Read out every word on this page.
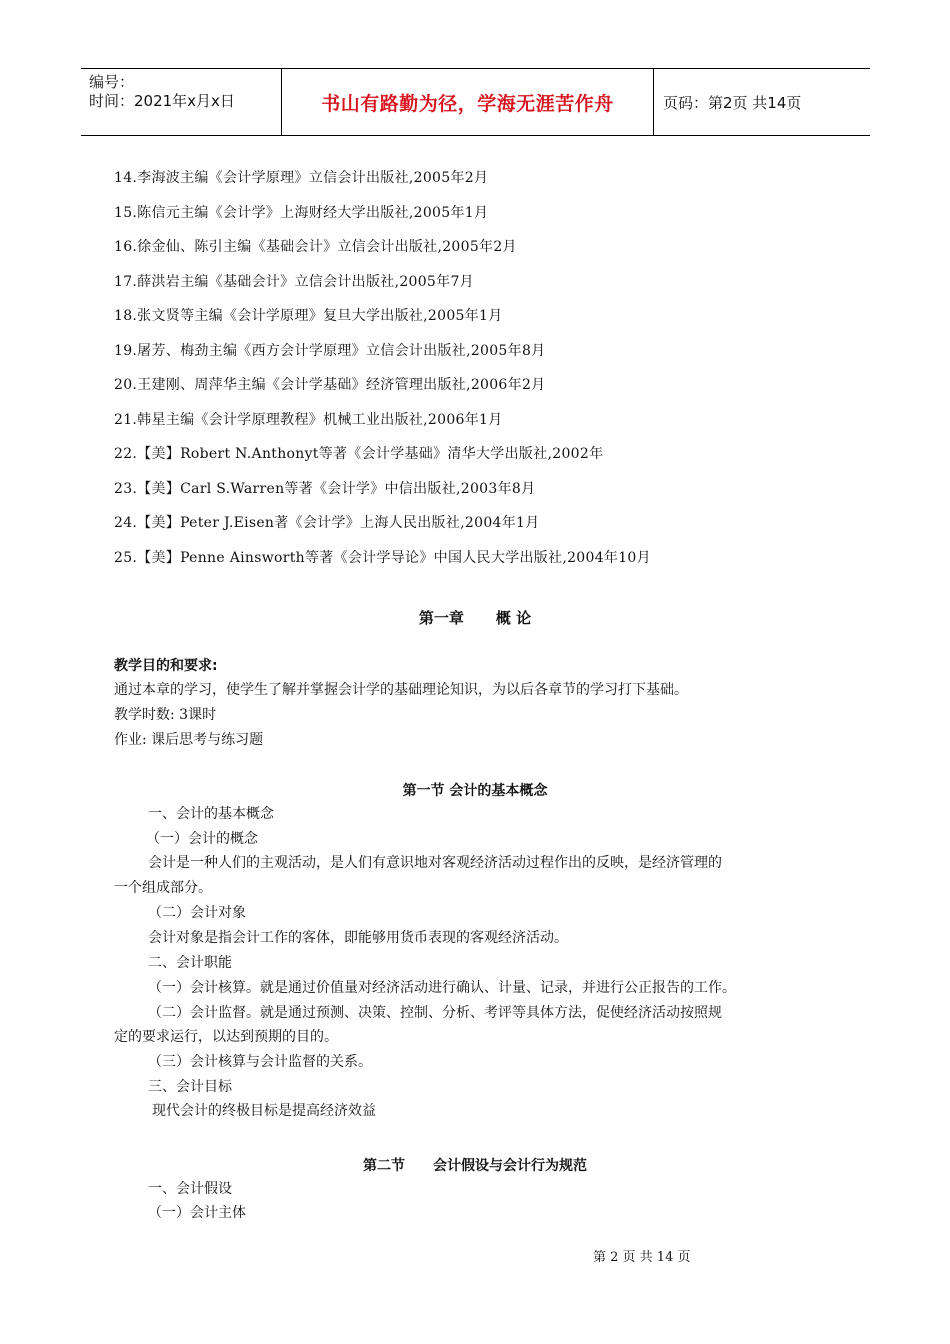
编号：
时间：2021年x月x日	书山有路勤为径，学海无涯苦作舟	页码：第2页 共14页
14.李海波主编《会计学原理》立信会计出版社,2005年2月
15.陈信元主编《会计学》上海财经大学出版社,2005年1月
16.徐金仙、陈引主编《基础会计》立信会计出版社,2005年2月
17.薛洪岩主编《基础会计》立信会计出版社,2005年7月
18.张文贤等主编《会计学原理》复旦大学出版社,2005年1月
19.屠芳、梅劲主编《西方会计学原理》立信会计出版社,2005年8月
20.王建刚、周萍华主编《会计学基础》经济管理出版社,2006年2月
21.韩星主编《会计学原理教程》机械工业出版社,2006年1月
22.【美】Robert N.Anthonyt等著《会计学基础》清华大学出版社,2002年
23.【美】Carl S.Warren等著《会计学》中信出版社,2003年8月
24.【美】Peter J.Eisen著《会计学》上海人民出版社,2004年1月
25.【美】Penne Ainsworth等著《会计学导论》中国人民大学出版社,2004年10月
第一章 概 论
教学目的和要求:
通过本章的学习，使学生了解并掌握会计学的基础理论知识，为以后各章节的学习打下基础。
教学时数: 3课时
作业: 课后思考与练习题
第一节 会计的基本概念
一、会计的基本概念
（一）会计的概念
会计是一种人们的主观活动，是人们有意识地对客观经济活动过程作出的反映，是经济管理的
一个组成部分。
（二）会计对象
会计对象是指会计工作的客体，即能够用货币表现的客观经济活动。
二、会计职能
（一）会计核算。就是通过价值量对经济活动进行确认、计量、记录，并进行公正报告的工作。
（二）会计监督。就是通过预测、决策、控制、分析、考评等具体方法，促使经济活动按照规
定的要求运行，以达到预期的目的。
（三）会计核算与会计监督的关系。
三、会计目标
现代会计的终极目标是提高经济效益
第二节 会计假设与会计行为规范
一、会计假设
（一）会计主体
第 2 页 共 14 页
